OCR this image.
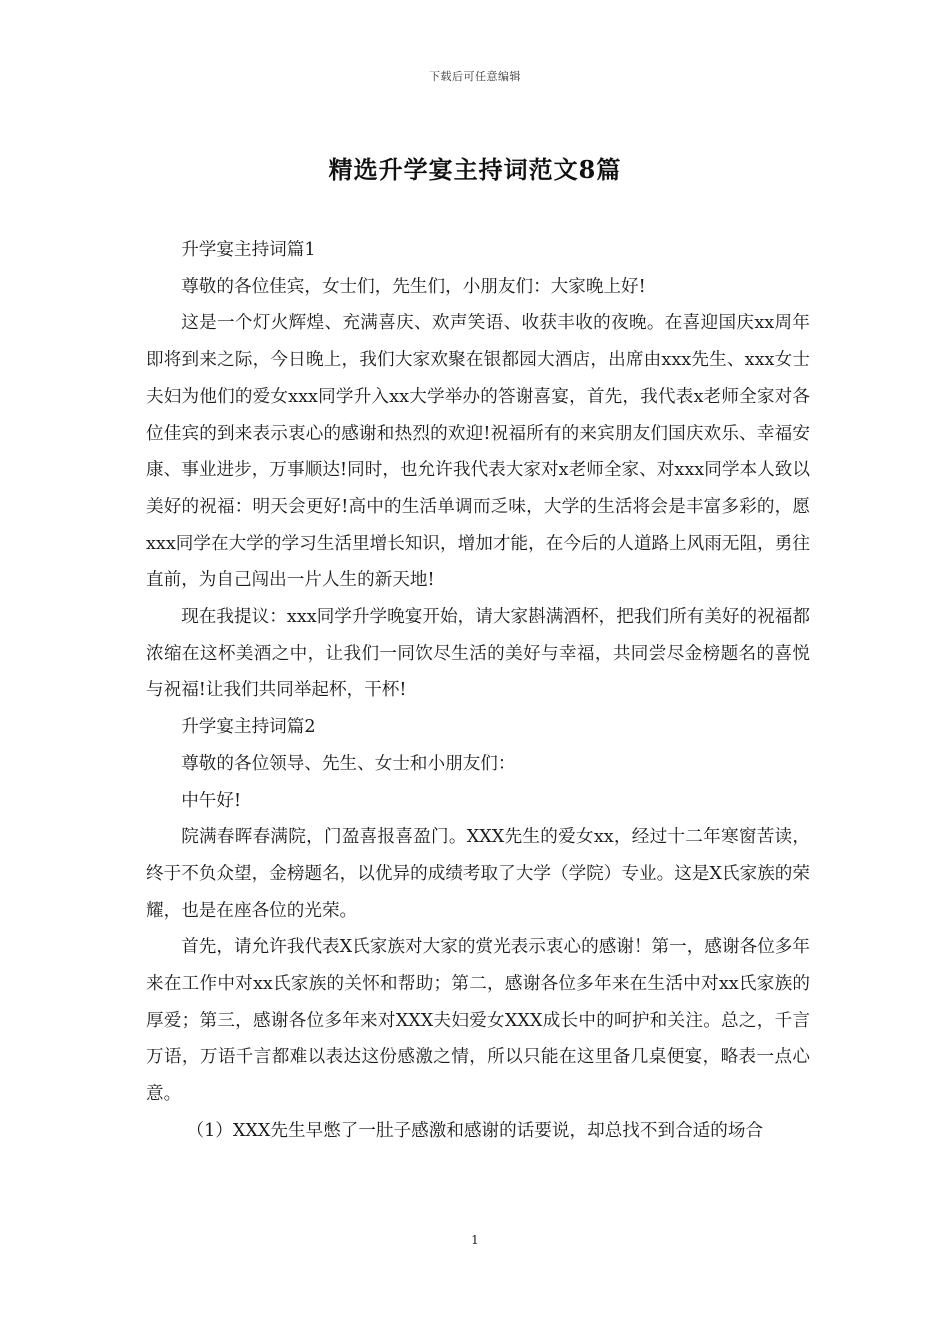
下载后可任意编辑
精选升学宴主持词范文8篇

升学宴主持词篇1

尊敬的各位佳宾，女士们，先生们，小朋友们：大家晚上好!

这是一个灯火辉煌、充满喜庆、欢声笑语、收获丰收的夜晚。在喜迎国庆xx周年即将到来之际，今日晚上，我们大家欢聚在银都园大酒店，出席由xxx先生、xxx女士夫妇为他们的爱女xxx同学升入xx大学举办的答谢喜宴，首先，我代表x老师全家对各位佳宾的到来表示衷心的感谢和热烈的欢迎!祝福所有的来宾朋友们国庆欢乐、幸福安康、事业进步，万事顺达!同时，也允许我代表大家对x老师全家、对xxx同学本人致以美好的祝福：明天会更好!高中的生活单调而乏味，大学的生活将会是丰富多彩的，愿xxx同学在大学的学习生活里增长知识，增加才能，在今后的人道路上风雨无阻，勇往直前，为自己闯出一片人生的新天地!

现在我提议：xxx同学升学晚宴开始，请大家斟满酒杯，把我们所有美好的祝福都浓缩在这杯美酒之中，让我们一同饮尽生活的美好与幸福，共同尝尽金榜题名的喜悦与祝福!让我们共同举起杯，干杯!

升学宴主持词篇2

尊敬的各位领导、先生、女士和小朋友们：

中午好!

院满春晖春满院，门盈喜报喜盈门。XXX先生的爱女xx，经过十二年寒窗苦读，终于不负众望，金榜题名，以优异的成绩考取了大学（学院）专业。这是X氏家族的荣耀，也是在座各位的光荣。

首先，请允许我代表X氏家族对大家的赏光表示衷心的感谢！第一，感谢各位多年来在工作中对xx氏家族的关怀和帮助；第二，感谢各位多年来在生活中对xx氏家族的厚爱；第三，感谢各位多年来对XXX夫妇爱女XXX成长中的呵护和关注。总之，千言万语，万语千言都难以表达这份感激之情，所以只能在这里备几桌便宴，略表一点心意。

（1）XXX先生早憋了一肚子感激和感谢的话要说，却总找不到合适的场合

1
